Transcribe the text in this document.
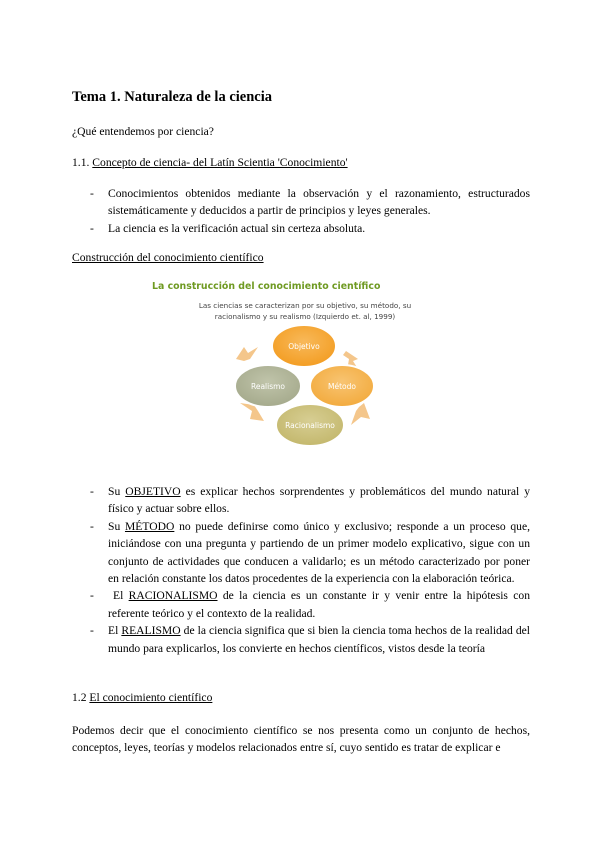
Tema 1. Naturaleza de la ciencia

¿Qué entendemos por ciencia?

1.1. Concepto de ciencia- del Latín Scientia 'Conocimiento'

- Conocimientos obtenidos mediante la observación y el razonamiento, estructurados sistemáticamente y deducidos a partir de principios y leyes generales.
- La ciencia es la verificación actual sin certeza absoluta.

Construcción del conocimiento científico

La construcción del conocimiento científico

Las ciencias se caracterizan por su objetivo, su método, su racionalismo y su realismo (Izquierdo et. al, 1999)

Objetivo
Método
Racionalismo
Realismo
- Su OBJETIVO es explicar hechos sorprendentes y problemáticos del mundo natural y físico y actuar sobre ellos.
- Su MÉTODO no puede definirse como único y exclusivo; responde a un proceso que, iniciándose con una pregunta y partiendo de un primer modelo explicativo, sigue con un conjunto de actividades que conducen a validarlo; es un método caracterizado por poner en relación constante los datos procedentes de la experiencia con la elaboración teórica.
- El RACIONALISMO de la ciencia es un constante ir y venir entre la hipótesis con referente teórico y el contexto de la realidad.
- El REALISMO de la ciencia significa que si bien la ciencia toma hechos de la realidad del mundo para explicarlos, los convierte en hechos científicos, vistos desde la teoría

1.2 El conocimiento científico

Podemos decir que el conocimiento científico se nos presenta como un conjunto de hechos, conceptos, leyes, teorías y modelos relacionados entre sí, cuyo sentido es tratar de explicar e
